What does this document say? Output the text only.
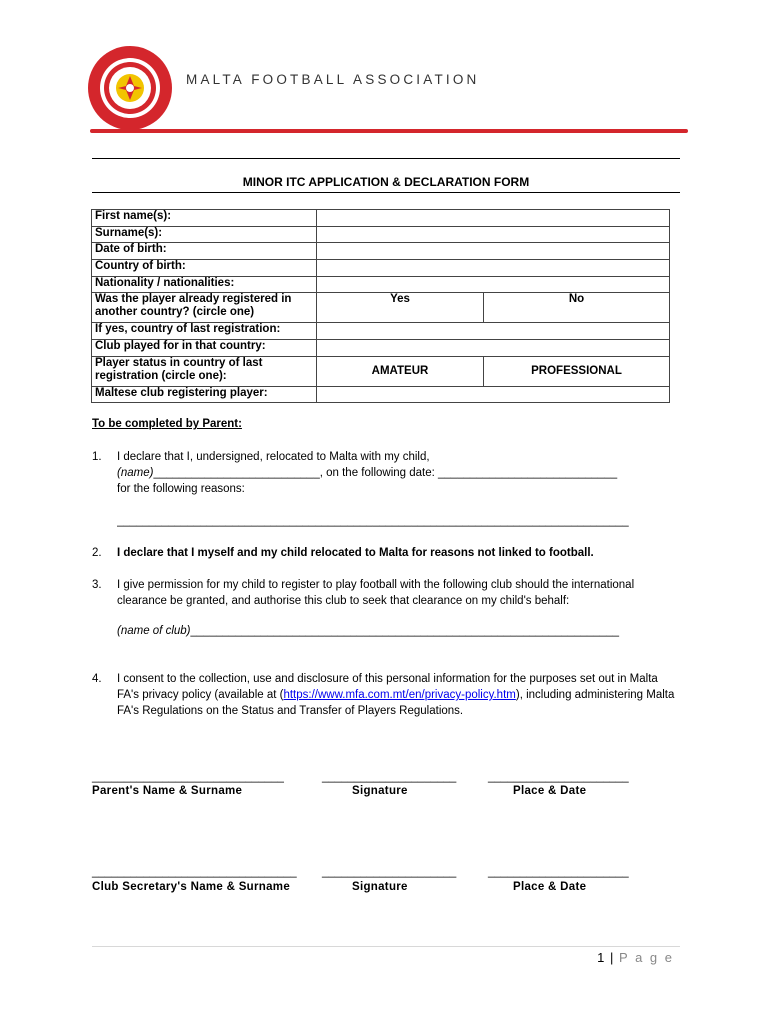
MALTA FOOTBALL ASSOCIATION
MINOR ITC APPLICATION & DECLARATION FORM
First name(s):		
Surname(s):		
Date of birth:		
Country of birth:		
Nationality / nationalities:		
Was the player already registered in another country? (circle one)	Yes	No
If yes, country of last registration:		
Club played for in that country:		
Player status in country of last registration (circle one):	AMATEUR	PROFESSIONAL
Maltese club registering player:		
To be completed by Parent:
1. I declare that I, undersigned, relocated to Malta with my child,
(name)__________________________, on the following date: ____________________________
for the following reasons:
________________________________________________________________________________
2. I declare that I myself and my child relocated to Malta for reasons not linked to football.
3. I give permission for my child to register to play football with the following club should the international clearance be granted, and authorise this club to seek that clearance on my child's behalf:
(name of club)___________________________________________________________________
4. I consent to the collection, use and disclosure of this personal information for the purposes set out in Malta FA's privacy policy (available at (https://www.mfa.com.mt/en/privacy-policy.htm), including administering Malta FA's Regulations on the Status and Transfer of Players Regulations.
______________________________	_____________________	______________________
Parent's Name & Surname	Signature	Place & Date
________________________________ _____________________	______________________
Club Secretary's Name & Surname	Signature	Place & Date
1 | P a g e
